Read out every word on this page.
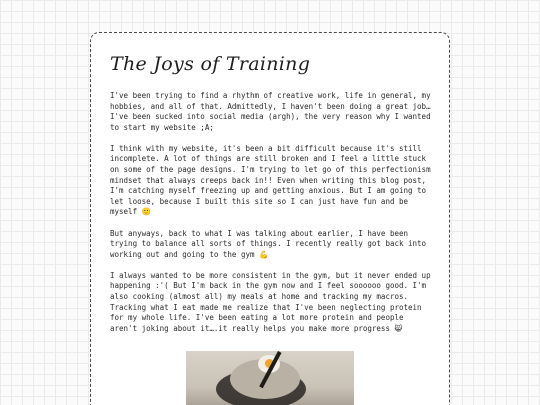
The Joys of Training

I've been trying to find a rhythm of creative work, life in general, my hobbies, and all of that. Admittedly, I haven't been doing a great job…I've been sucked into social media (argh), the very reason why I wanted to start my website ;A;

I think with my website, it's been a bit difficult because it's still incomplete. A lot of things are still broken and I feel a little stuck on some of the page designs. I'm trying to let go of this perfectionism mindset that always creeps back in!! Even when writing this blog post, I'm catching myself freezing up and getting anxious. But I am going to let loose, because I built this site so I can just have fun and be myself 🙂

But anyways, back to what I was talking about earlier, I have been trying to balance all sorts of things. I recently really got back into working out and going to the gym 💪

I always wanted to be more consistent in the gym, but it never ended up happening :'( But I'm back in the gym now and I feel soooooo good. I'm also cooking (almost all) my meals at home and tracking my macros. Tracking what I eat made me realize that I've been neglecting protein for my whole life. I've been eating a lot more protein and people aren't joking about it….it really helps you make more progress 😸
